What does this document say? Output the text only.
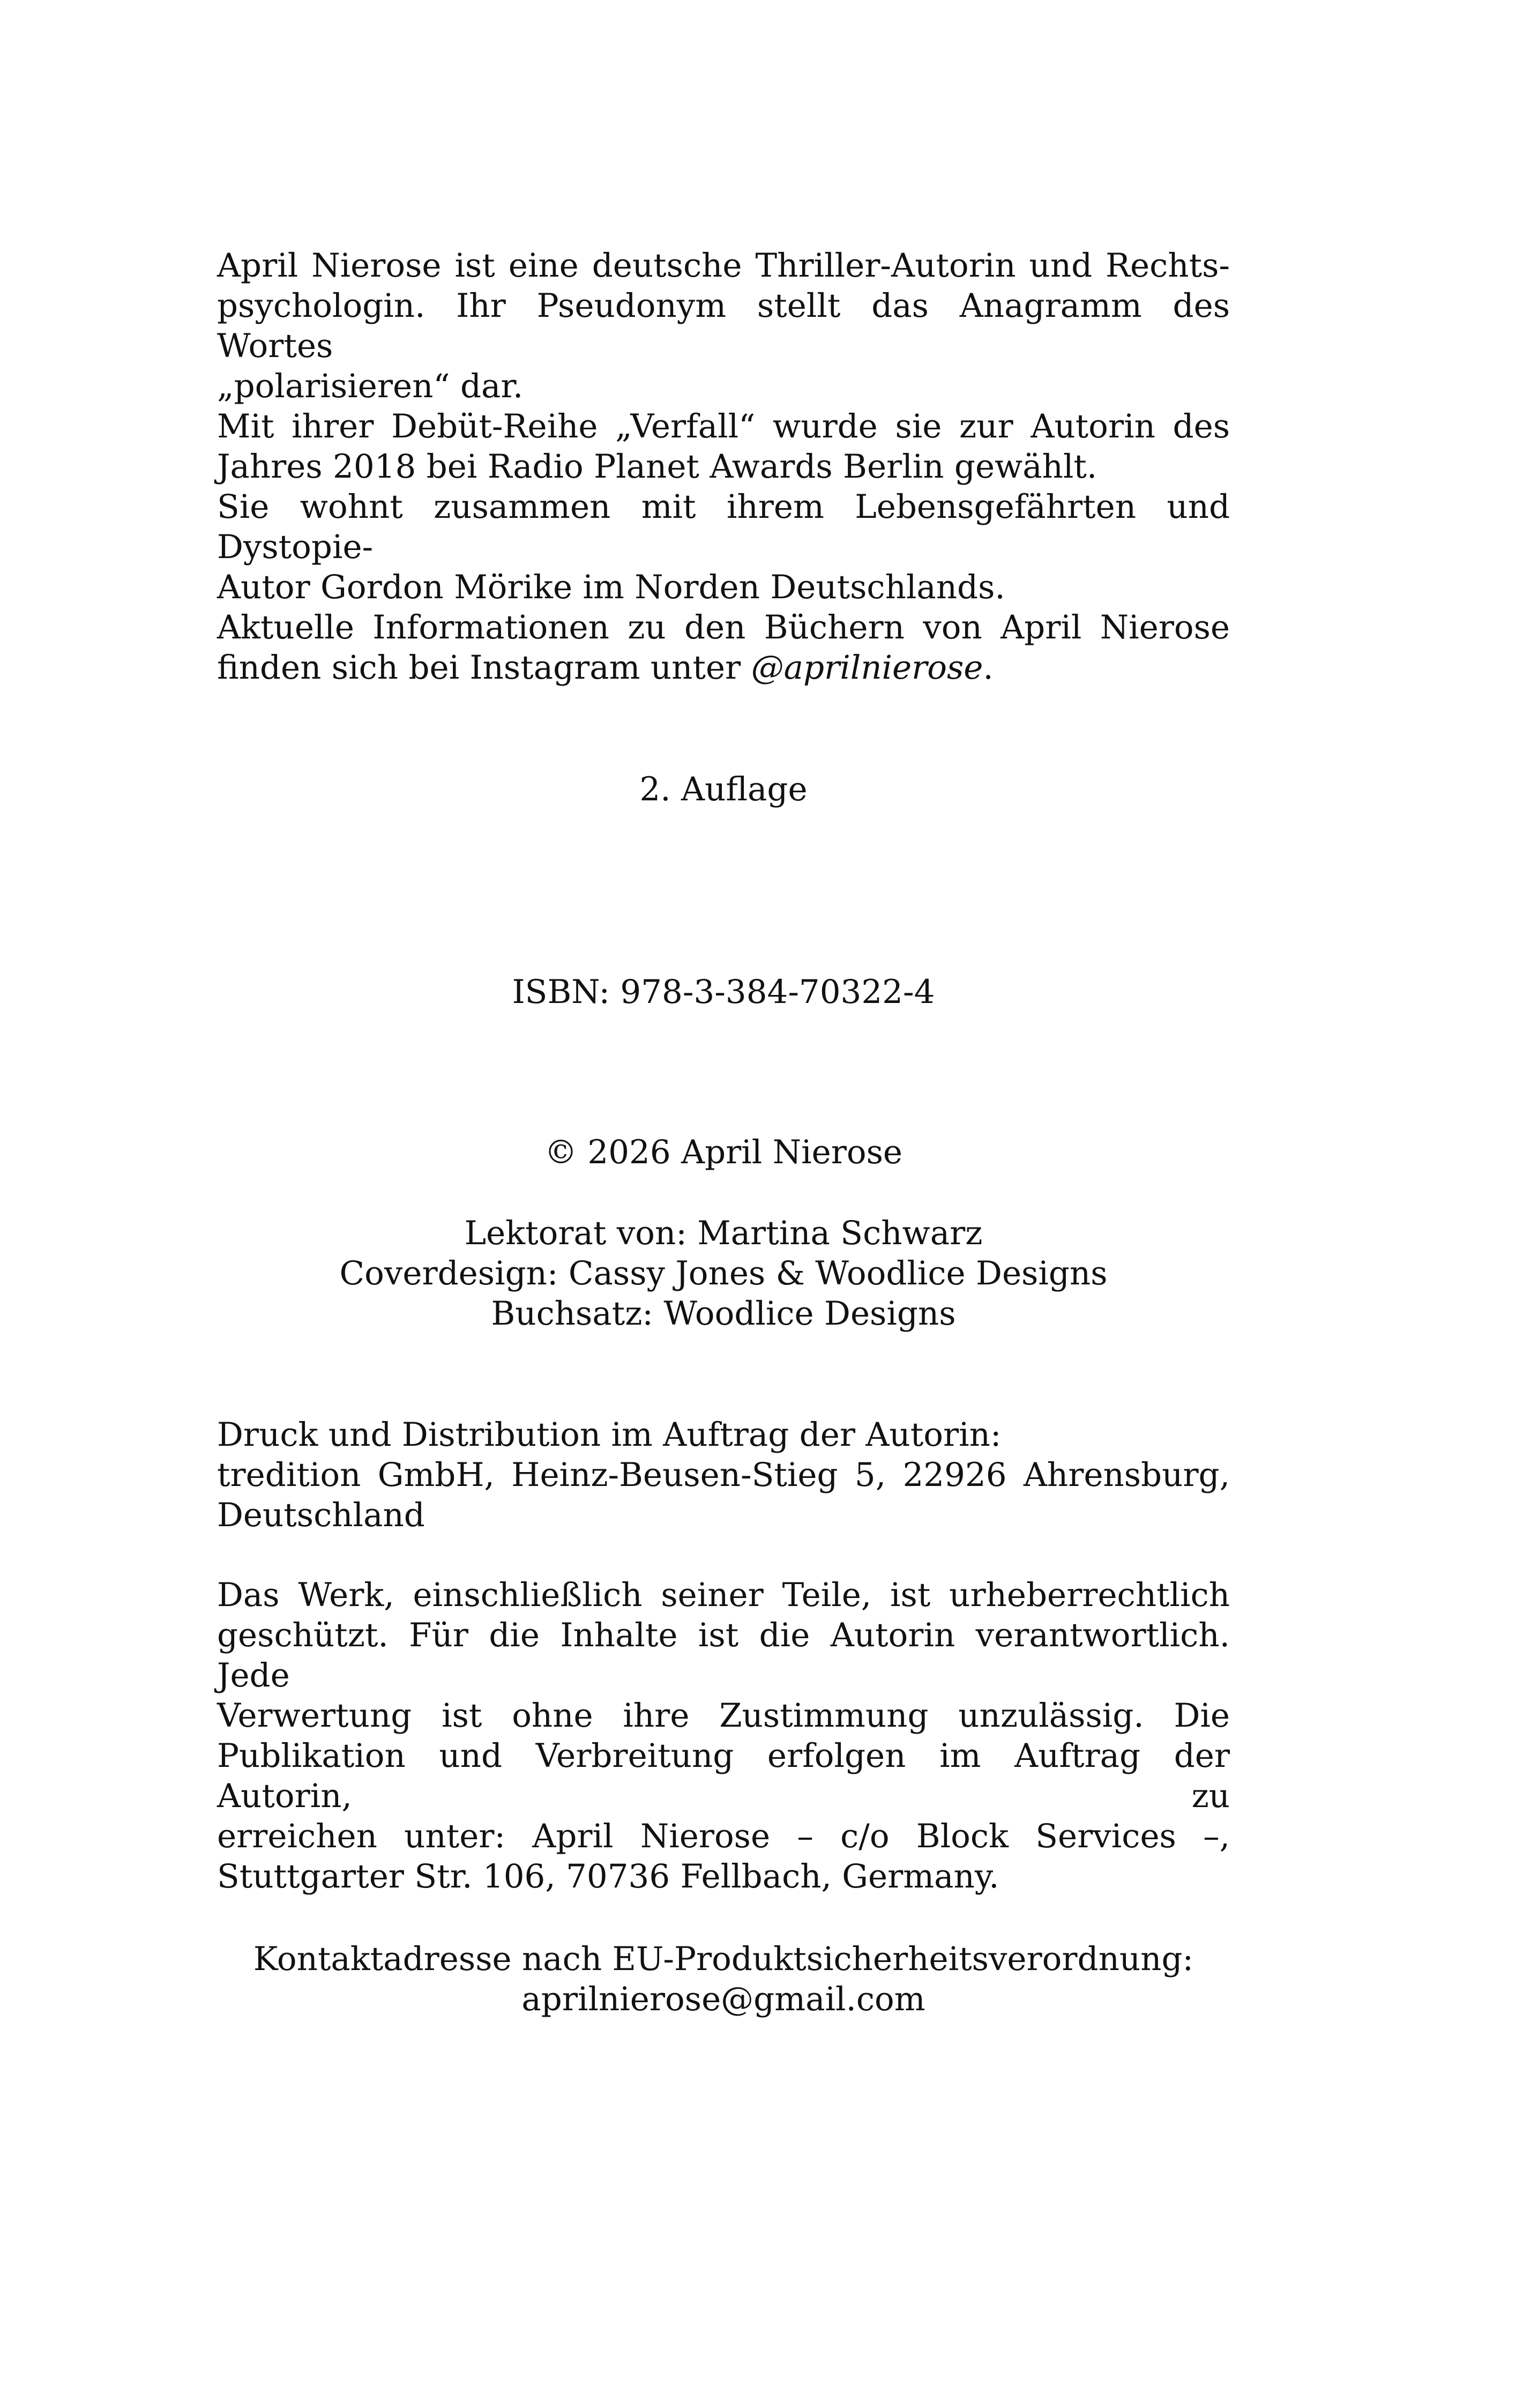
April Nierose ist eine deutsche Thriller-Autorin und Rechts-
psychologin. Ihr Pseudonym stellt das Anagramm des Wortes
„polarisieren“ dar.
Mit ihrer Debüt-Reihe „Verfall“ wurde sie zur Autorin des
Jahres 2018 bei Radio Planet Awards Berlin gewählt.
Sie wohnt zusammen mit ihrem Lebensgefährten und Dystopie-
Autor Gordon Mörike im Norden Deutschlands.
Aktuelle Informationen zu den Büchern von April Nierose
finden sich bei Instagram unter @aprilnierose.
2. Auflage
ISBN: 978-3-384-70322-4
© 2026 April Nierose
Lektorat von: Martina Schwarz
Coverdesign: Cassy Jones & Woodlice Designs
Buchsatz: Woodlice Designs
Druck und Distribution im Auftrag der Autorin:
tredition GmbH, Heinz-Beusen-Stieg 5, 22926 Ahrensburg,
Deutschland
Das Werk, einschließlich seiner Teile, ist urheberrechtlich
geschützt. Für die Inhalte ist die Autorin verantwortlich. Jede
Verwertung ist ohne ihre Zustimmung unzulässig. Die
Publikation und Verbreitung erfolgen im Auftrag der Autorin, zu
erreichen unter: April Nierose – c/o Block Services –,
Stuttgarter Str. 106, 70736 Fellbach, Germany.
Kontaktadresse nach EU-Produktsicherheitsverordnung:
aprilnierose@gmail.com
